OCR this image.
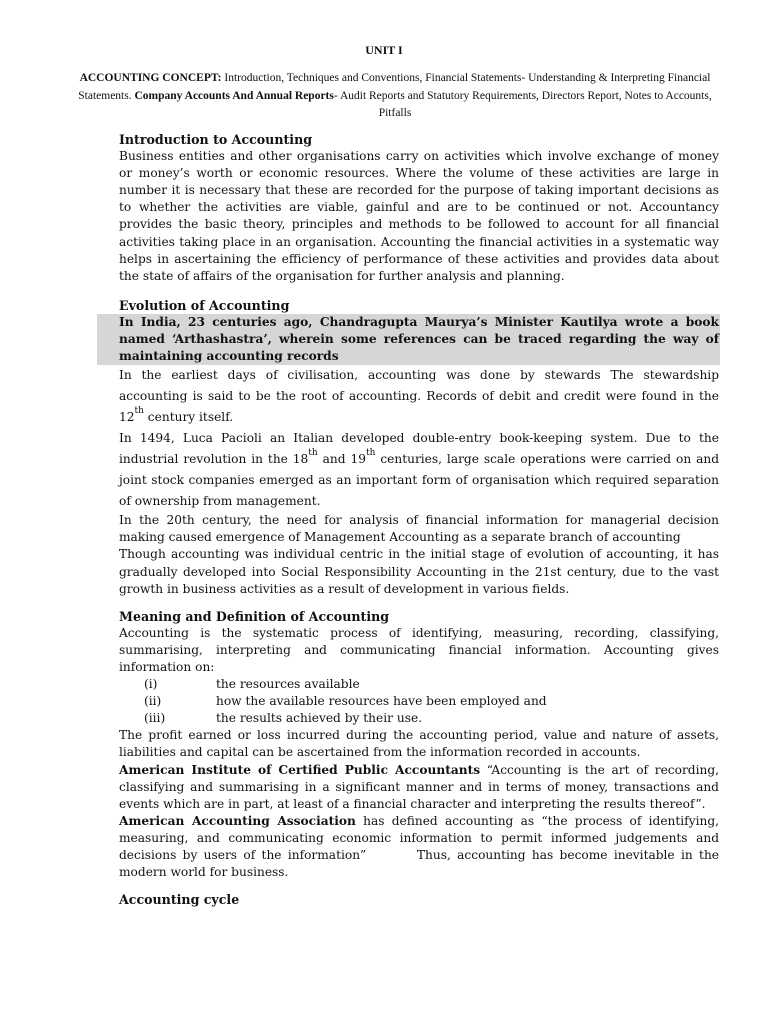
UNIT I
ACCOUNTING CONCEPT: Introduction, Techniques and Conventions, Financial Statements- Understanding & Interpreting Financial Statements. Company Accounts And Annual Reports- Audit Reports and Statutory Requirements, Directors Report, Notes to Accounts, Pitfalls
Introduction to Accounting
Business entities and other organisations carry on activities which involve exchange of money or money’s worth or economic resources. Where the volume of these activities are large in number it is necessary that these are recorded for the purpose of taking important decisions as to whether the activities are viable, gainful and are to be continued or not. Accountancy provides the basic theory, principles and methods to be followed to account for all financial activities taking place in an organisation. Accounting the financial activities in a systematic way helps in ascertaining the efficiency of performance of these activities and provides data about the state of affairs of the organisation for further analysis and planning.
Evolution of Accounting
In India, 23 centuries ago, Chandragupta Maurya’s Minister Kautilya wrote a book named ‘Arthashastra’, wherein some references can be traced regarding the way of maintaining accounting records
In the earliest days of civilisation, accounting was done by stewards The stewardship accounting is said to be the root of accounting. Records of debit and credit were found in the 12th century itself.
In 1494, Luca Pacioli an Italian developed double-entry book-keeping system. Due to the industrial revolution in the 18th and 19th centuries, large scale operations were carried on and joint stock companies emerged as an important form of organisation which required separation of ownership from management.
In the 20th century, the need for analysis of financial information for managerial decision making caused emergence of Management Accounting as a separate branch of accounting
Though accounting was individual centric in the initial stage of evolution of accounting, it has gradually developed into Social Responsibility Accounting in the 21st century, due to the vast growth in business activities as a result of development in various fields.
Meaning and Definition of Accounting
Accounting is the systematic process of identifying, measuring, recording, classifying, summarising, interpreting and communicating financial information. Accounting gives information on:
(i)	the resources available
(ii)	how the available resources have been employed and
(iii)	the results achieved by their use.
The profit earned or loss incurred during the accounting period, value and nature of assets, liabilities and capital can be ascertained from the information recorded in accounts.
American Institute of Certified Public Accountants “Accounting is the art of recording, classifying and summarising in a significant manner and in terms of money, transactions and events which are in part, at least of a financial character and interpreting the results thereof”.
American Accounting Association has defined accounting as “the process of identifying, measuring, and communicating economic information to permit informed judgements and decisions by users of the information”        Thus, accounting has become inevitable in the modern world for business.
Accounting cycle
